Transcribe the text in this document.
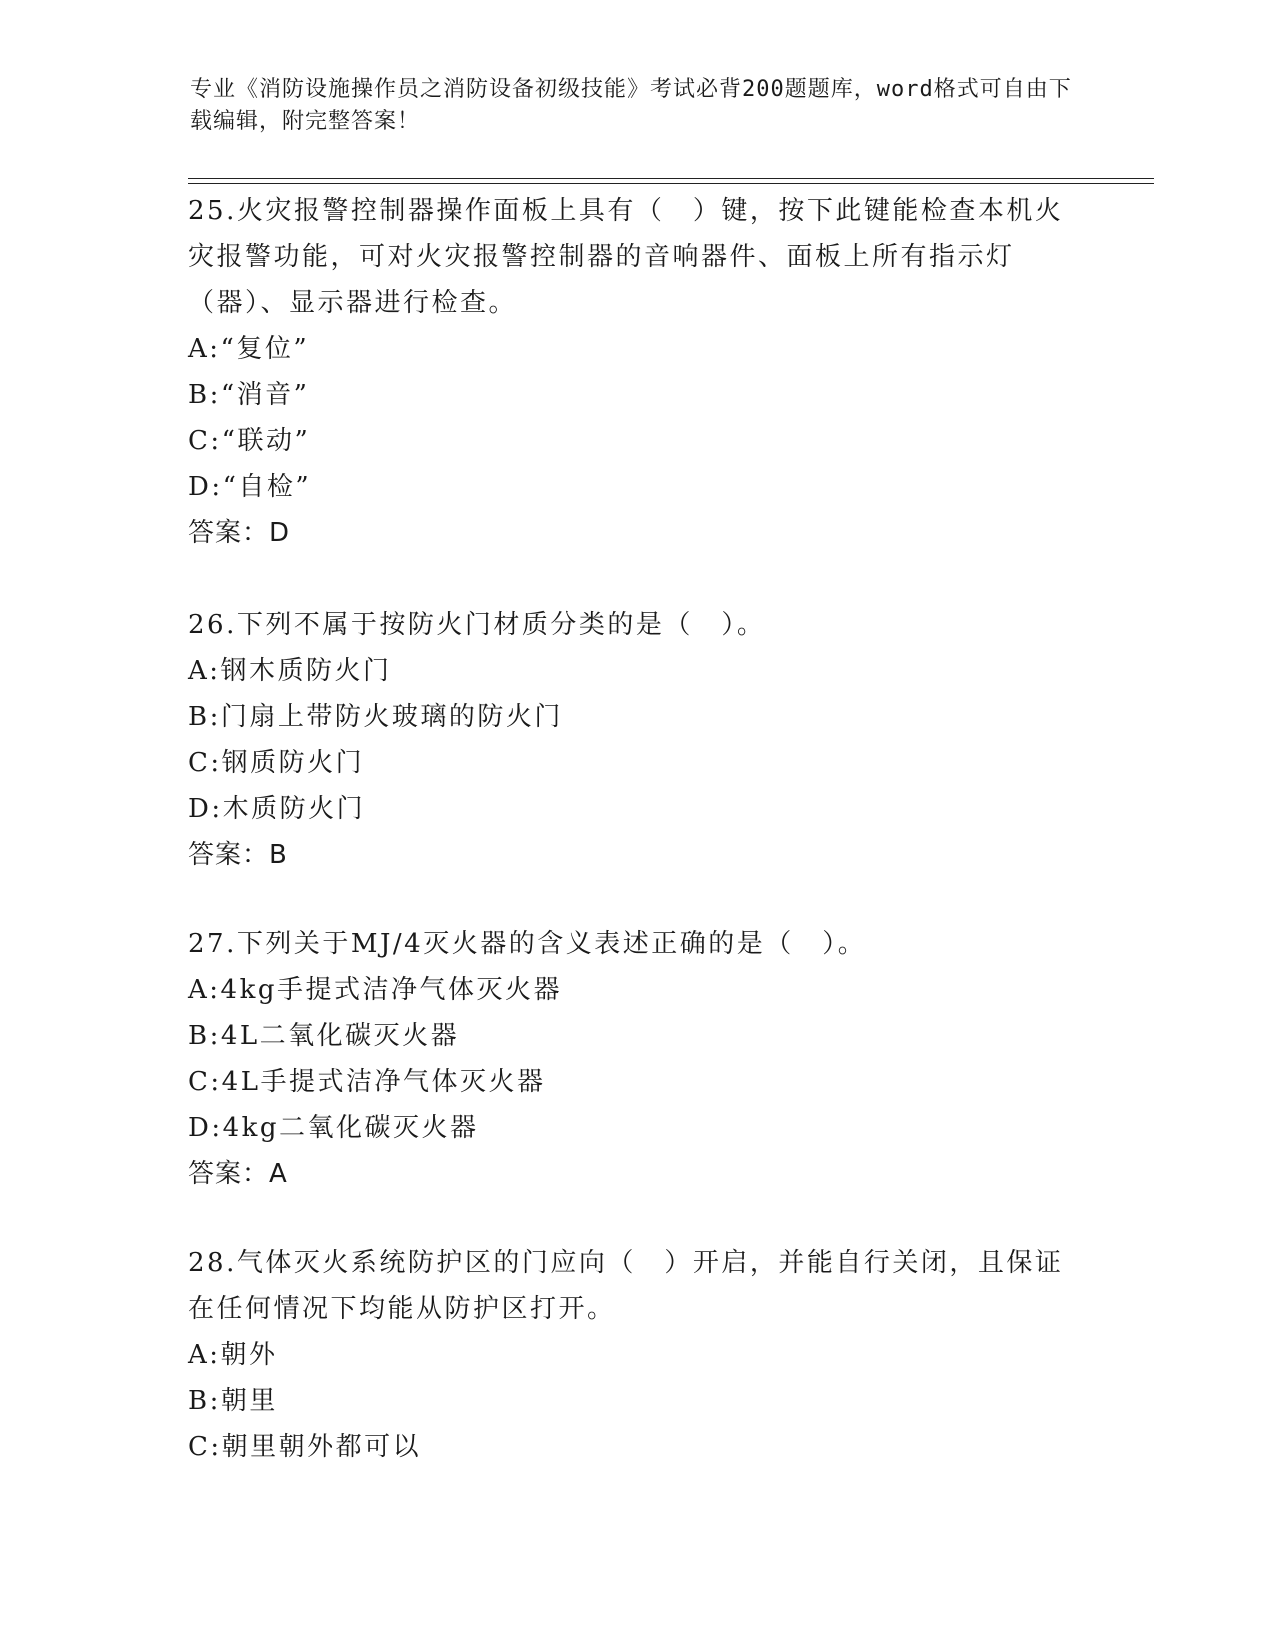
专业《消防设施操作员之消防设备初级技能》考试必背200题题库，word格式可自由下载编辑，附完整答案！
25.火灾报警控制器操作面板上具有（　）键，按下此键能检查本机火灾报警功能，可对火灾报警控制器的音响器件、面板上所有指示灯（器）、显示器进行检查。
A:“复位”
B:“消音”
C:“联动”
D:“自检”
答案：D
26.下列不属于按防火门材质分类的是（　）。
A:钢木质防火门
B:门扇上带防火玻璃的防火门
C:钢质防火门
D:木质防火门
答案：B
27.下列关于MJ/4灭火器的含义表述正确的是（　）。
A:4kg手提式洁净气体灭火器
B:4L二氧化碳灭火器
C:4L手提式洁净气体灭火器
D:4kg二氧化碳灭火器
答案：A
28.气体灭火系统防护区的门应向（　）开启，并能自行关闭，且保证在任何情况下均能从防护区打开。
A:朝外
B:朝里
C:朝里朝外都可以
